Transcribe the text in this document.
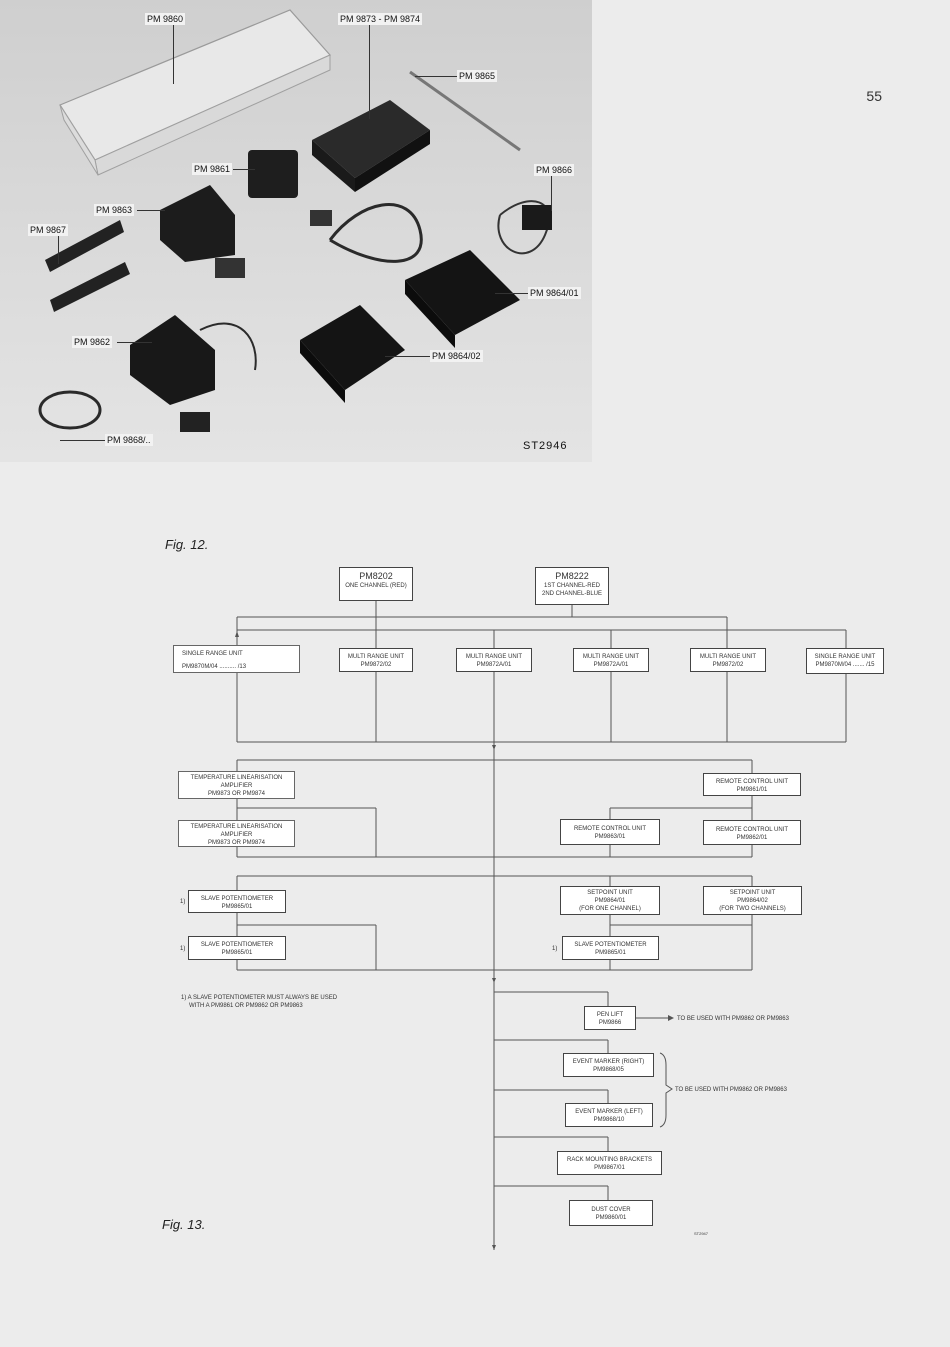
55
PM 9860	PM 9873 - PM 9874
PM 9865
PM 9861	PM 9866
PM 9863
PM 9867
PM 9864/01
PM 9862
PM 9864/02
PM 9868/..	ST2946
Fig. 12.
PM8202
ONE CHANNEL (RED)
PM8222
1ST CHANNEL-RED
2ND CHANNEL-BLUE
SINGLE RANGE UNIT
PM9870M/04 .......... /13
MULTI RANGE UNIT
PM9872/02
MULTI RANGE UNIT
PM9872A/01
MULTI RANGE UNIT
PM9872A/01
MULTI RANGE UNIT
PM9872/02
SINGLE RANGE UNIT
PM9870M/04 ....... /15
TEMPERATURE LINEARISATION
AMPLIFIER
PM9873 OR PM9874
TEMPERATURE LINEARISATION
AMPLIFIER
PM9873 OR PM9874
REMOTE CONTROL UNIT
PM9861/01
REMOTE CONTROL UNIT
PM9863/01
REMOTE CONTROL UNIT
PM9862/01
1)	SLAVE POTENTIOMETER
PM9865/01
1)
SLAVE POTENTIOMETER
PM9865/01
1)
SLAVE POTENTIOMETER
PM9865/01
SETPOINT UNIT
PM9864/01
(FOR ONE CHANNEL)
SETPOINT UNIT
PM9864/02
(FOR TWO CHANNELS)
1) A SLAVE POTENTIOMETER MUST ALWAYS BE USED
WITH A PM9861 OR PM9862 OR PM9863
PEN LIFT
PM9866
TO BE USED WITH PM9862 OR PM9863
EVENT MARKER (RIGHT)
PM9868/05
EVENT MARKER (LEFT)
PM9868/10
TO BE USED WITH PM9862 OR PM9863
RACK MOUNTING BRACKETS
PM9867/01
DUST COVER
PM9860/01
ST2947
Fig. 13.
